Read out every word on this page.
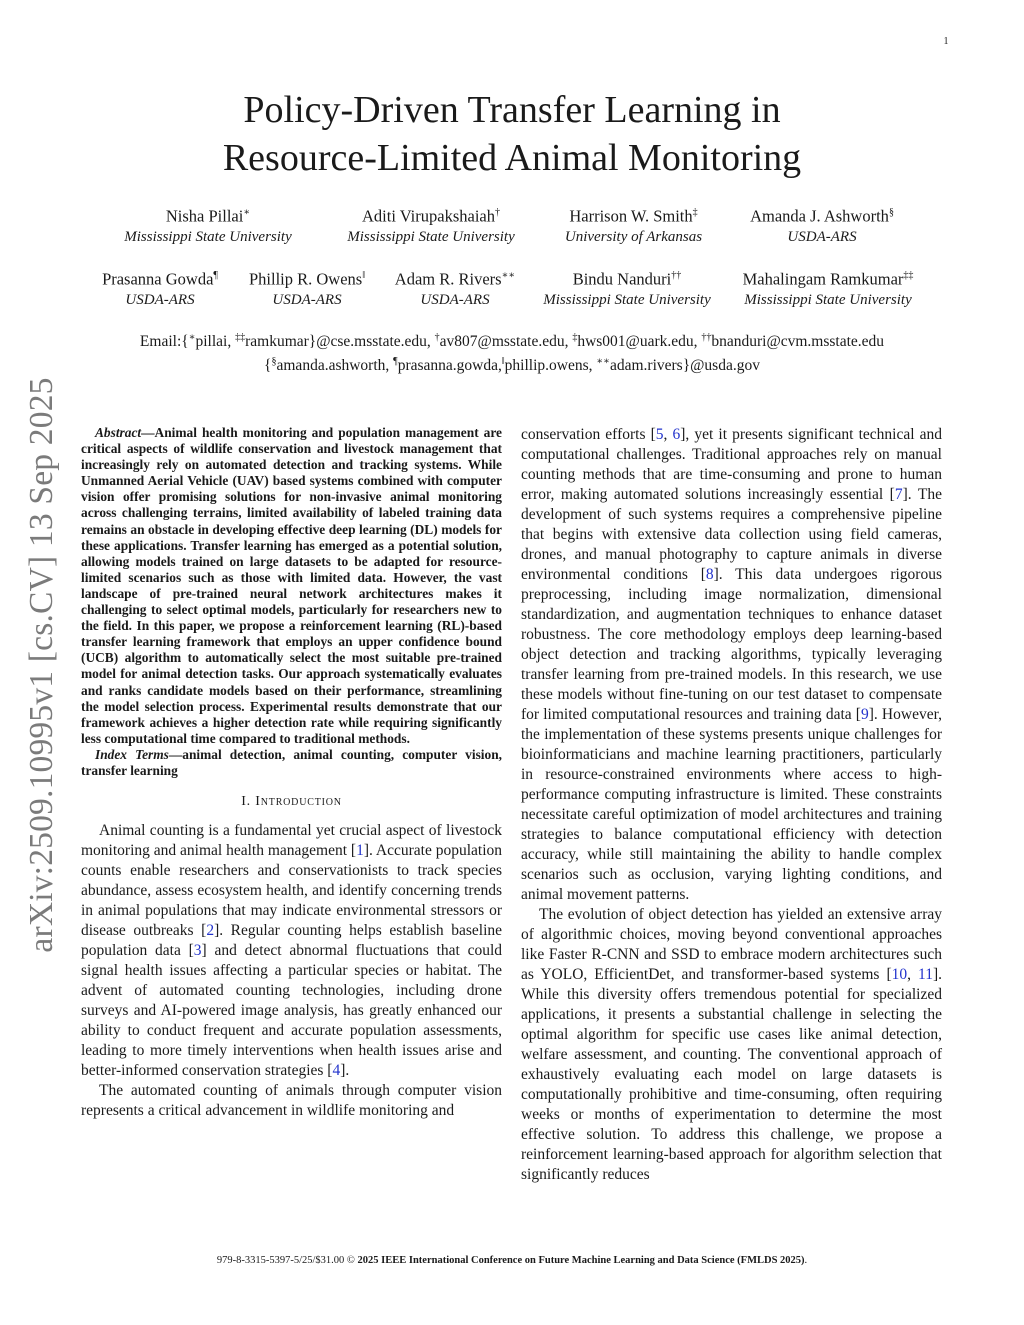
1
arXiv:2509.10995v1 [cs.CV] 13 Sep 2025
Policy-Driven Transfer Learning in
Resource-Limited Animal Monitoring
Nisha Pillai∗
Mississippi State University
Aditi Virupakshaiah†
Mississippi State University
Harrison W. Smith‡
University of Arkansas
Amanda J. Ashworth§
USDA-ARS
Prasanna Gowda¶
USDA-ARS
Phillip R. Owens‖
USDA-ARS
Adam R. Rivers∗∗
USDA-ARS
Bindu Nanduri††
Mississippi State University
Mahalingam Ramkumar‡‡
Mississippi State University
Email:{∗pillai, ‡‡ramkumar}@cse.msstate.edu, †av807@msstate.edu, ‡hws001@uark.edu, ††bnanduri@cvm.msstate.edu
{§amanda.ashworth, ¶prasanna.gowda,‖phillip.owens, ∗∗adam.rivers}@usda.gov

Abstract—Animal health monitoring and population management are critical aspects of wildlife conservation and livestock management that increasingly rely on automated detection and tracking systems. While Unmanned Aerial Vehicle (UAV) based systems combined with computer vision offer promising solutions for non-invasive animal monitoring across challenging terrains, limited availability of labeled training data remains an obstacle in developing effective deep learning (DL) models for these applications. Transfer learning has emerged as a potential solution, allowing models trained on large datasets to be adapted for resource-limited scenarios such as those with limited data. However, the vast landscape of pre-trained neural network architectures makes it challenging to select optimal models, particularly for researchers new to the field. In this paper, we propose a reinforcement learning (RL)-based transfer learning framework that employs an upper confidence bound (UCB) algorithm to automatically select the most suitable pre-trained model for animal detection tasks. Our approach systematically evaluates and ranks candidate models based on their performance, streamlining the model selection process. Experimental results demonstrate that our framework achieves a higher detection rate while requiring significantly less computational time compared to traditional methods.

Index Terms—animal detection, animal counting, computer vision, transfer learning

I. Introduction

Animal counting is a fundamental yet crucial aspect of livestock monitoring and animal health management [1]. Accurate population counts enable researchers and conservationists to track species abundance, assess ecosystem health, and identify concerning trends in animal populations that may indicate environmental stressors or disease outbreaks [2]. Regular counting helps establish baseline population data [3] and detect abnormal fluctuations that could signal health issues affecting a particular species or habitat. The advent of automated counting technologies, including drone surveys and AI-powered image analysis, has greatly enhanced our ability to conduct frequent and accurate population assessments, leading to more timely interventions when health issues arise and better-informed conservation strategies [4].

The automated counting of animals through computer vision represents a critical advancement in wildlife monitoring and

conservation efforts [5, 6], yet it presents significant technical and computational challenges. Traditional approaches rely on manual counting methods that are time-consuming and prone to human error, making automated solutions increasingly essential [7]. The development of such systems requires a comprehensive pipeline that begins with extensive data collection using field cameras, drones, and manual photography to capture animals in diverse environmental conditions [8]. This data undergoes rigorous preprocessing, including image normalization, dimensional standardization, and augmentation techniques to enhance dataset robustness. The core methodology employs deep learning-based object detection and tracking algorithms, typically leveraging transfer learning from pre-trained models. In this research, we use these models without fine-tuning on our test dataset to compensate for limited computational resources and training data [9]. However, the implementation of these systems presents unique challenges for bioinformaticians and machine learning practitioners, particularly in resource-constrained environments where access to high-performance computing infrastructure is limited. These constraints necessitate careful optimization of model architectures and training strategies to balance computational efficiency with detection accuracy, while still maintaining the ability to handle complex scenarios such as occlusion, varying lighting conditions, and animal movement patterns.

The evolution of object detection has yielded an extensive array of algorithmic choices, moving beyond conventional approaches like Faster R-CNN and SSD to embrace modern architectures such as YOLO, EfficientDet, and transformer-based systems [10, 11]. While this diversity offers tremendous potential for specialized applications, it presents a substantial challenge in selecting the optimal algorithm for specific use cases like animal detection, welfare assessment, and counting. The conventional approach of exhaustively evaluating each model on large datasets is computationally prohibitive and time-consuming, often requiring weeks or months of experimentation to determine the most effective solution. To address this challenge, we propose a reinforcement learning-based approach for algorithm selection that significantly reduces

979-8-3315-5397-5/25/$31.00 © 2025 IEEE International Conference on Future Machine Learning and Data Science (FMLDS 2025).
